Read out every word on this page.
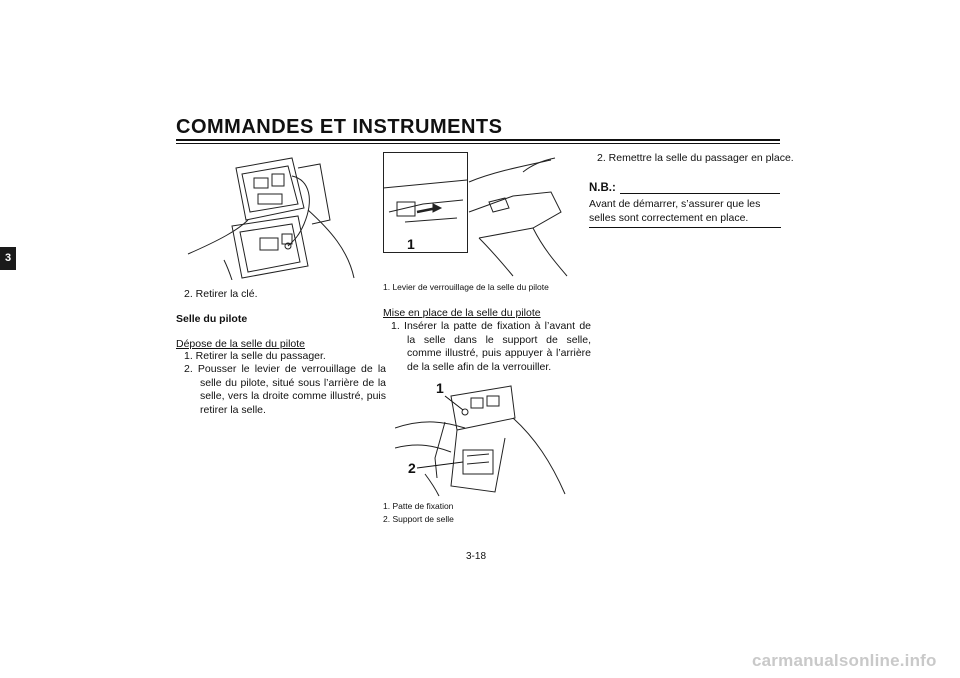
COMMANDES ET INSTRUMENTS
3
2. Retirer la clé.
Selle du pilote
Dépose de la selle du pilote
1. Retirer la selle du passager.
2. Pousser le levier de verrouillage de la selle du pilote, situé sous l’arrière de la selle, vers la droite comme illustré, puis retirer la selle.
1
1. Levier de verrouillage de la selle du pilote
Mise en place de la selle du pilote
1. Insérer la patte de fixation à l’avant de la selle dans le support de selle, comme illustré, puis appuyer à l’arrière de la selle afin de la verrouiller.
1
2
1. Patte de fixation
2. Support de selle
2. Remettre la selle du passager en place.
N.B.:
Avant de démarrer, s’assurer que les selles sont correctement en place.
3-18
carmanualsonline.info
